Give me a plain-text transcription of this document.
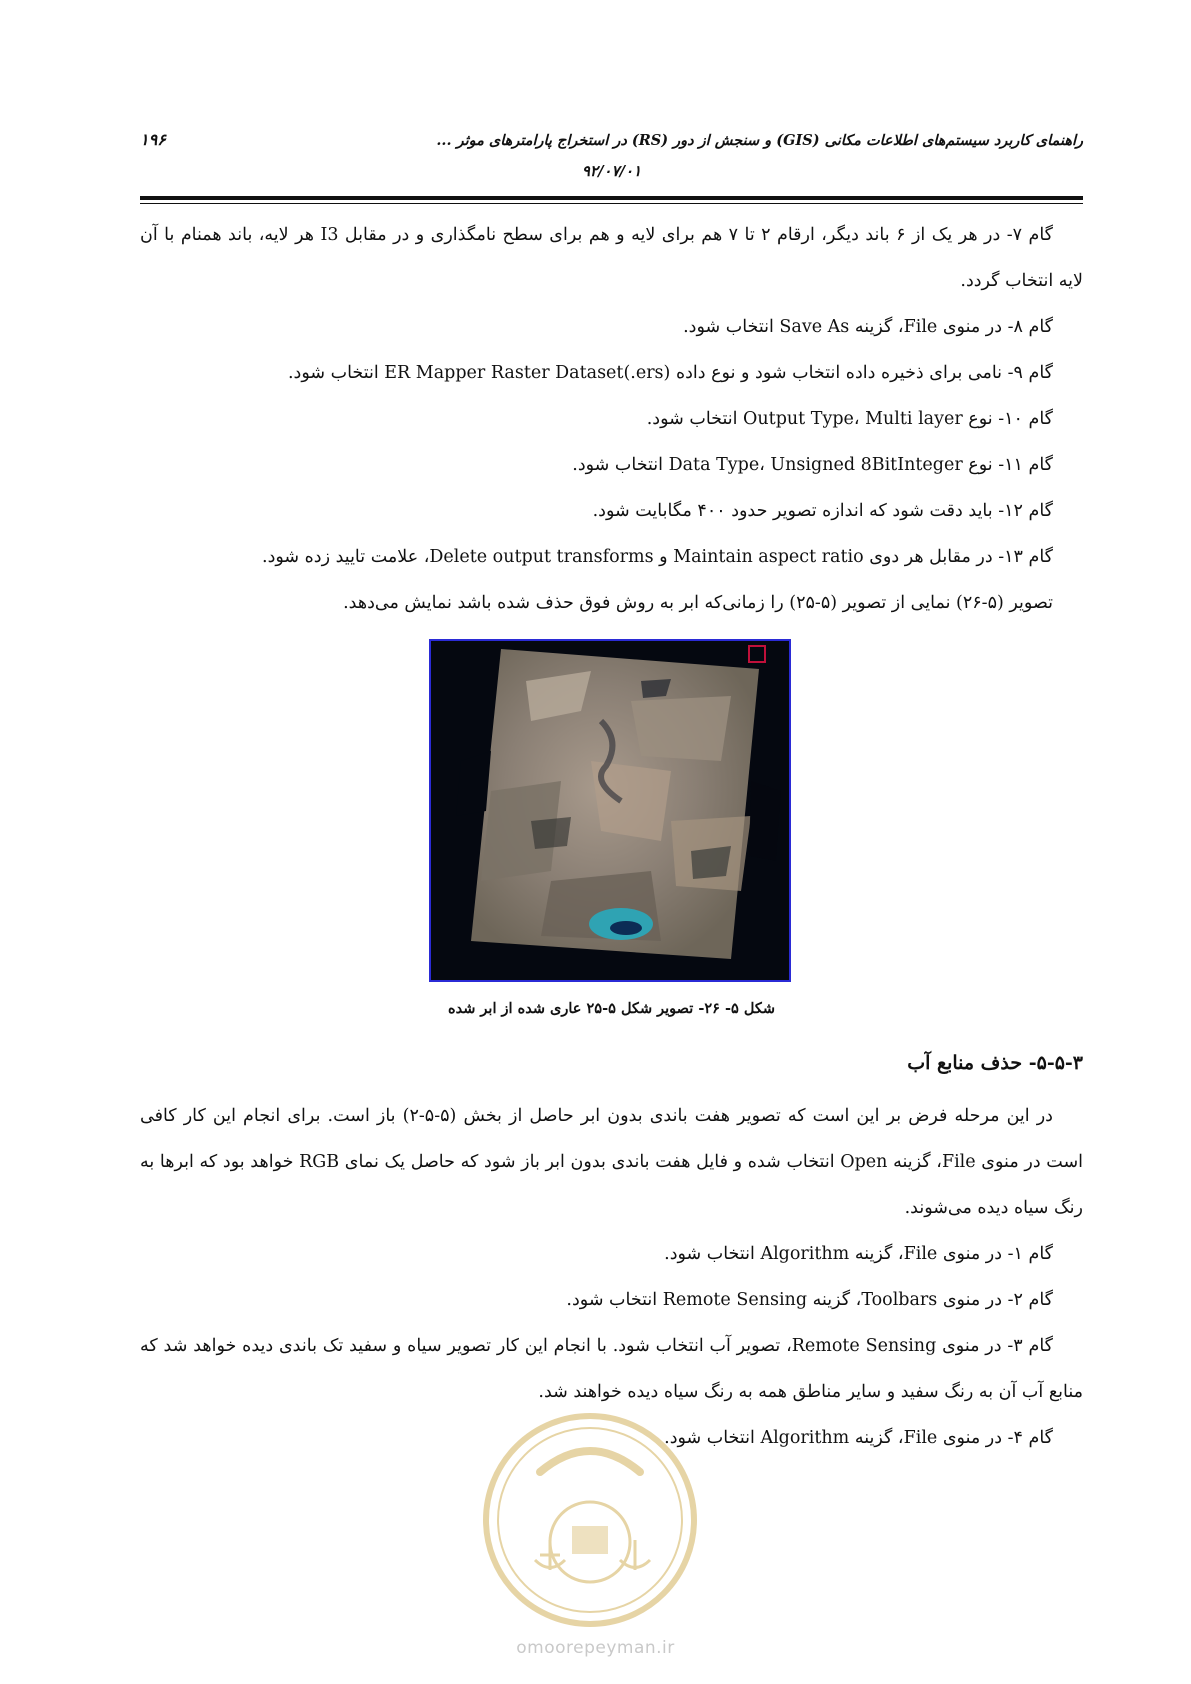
راهنمای کاربرد سیستم‌های اطلاعات مکانی (GIS) و سنجش از دور (RS) در استخراج پارامترهای موثر ...
۱۹۶
۹۲/۰۷/۰۱

گام ۷- در هر یک از ۶ باند دیگر، ارقام ۲ تا ۷ هم برای لایه و هم برای سطح نامگذاری و در مقابل I3 هر لایه، باند همنام با آن لایه انتخاب گردد.

گام ۸- در منوی File، گزینه Save As انتخاب شود.

گام ۹- نامی برای ذخیره داده انتخاب شود و نوع داده ER Mapper Raster Dataset(.ers) انتخاب شود.

گام ۱۰- نوع Output Type، Multi layer انتخاب شود.

گام ۱۱- نوع Data Type، Unsigned 8BitInteger انتخاب شود.

گام ۱۲- باید دقت شود که اندازه تصویر حدود ۴۰۰ مگابایت شود.

گام ۱۳- در مقابل هر دوی Maintain aspect ratio و Delete output transforms، علامت تایید زده شود.

تصویر (۵-۲۶) نمایی از تصویر (۵-۲۵) را زمانی‌که ابر به روش فوق حذف شده باشد نمایش می‌دهد.

شکل ۵- ۲۶- تصویر شکل ۵-۲۵ عاری شده از ابر شده
۵-۵-۳- حذف منابع آب

در این مرحله فرض بر این است که تصویر هفت باندی بدون ابر حاصل از بخش (۵-۵-۲) باز است. برای انجام این کار کافی است در منوی File، گزینه Open انتخاب شده و فایل هفت باندی بدون ابر باز شود که حاصل یک نمای RGB خواهد بود که ابرها به رنگ سیاه دیده می‌شوند.

گام ۱- در منوی File، گزینه Algorithm انتخاب شود.

گام ۲- در منوی Toolbars، گزینه Remote Sensing انتخاب شود.

گام ۳- در منوی Remote Sensing، تصویر آب انتخاب شود. با انجام این کار تصویر سیاه و سفید تک باندی دیده خواهد شد که منابع آب آن به رنگ سفید و سایر مناطق همه به رنگ سیاه دیده خواهند شد.

گام ۴- در منوی File، گزینه Algorithm انتخاب شود.

omoorepeyman.ir
